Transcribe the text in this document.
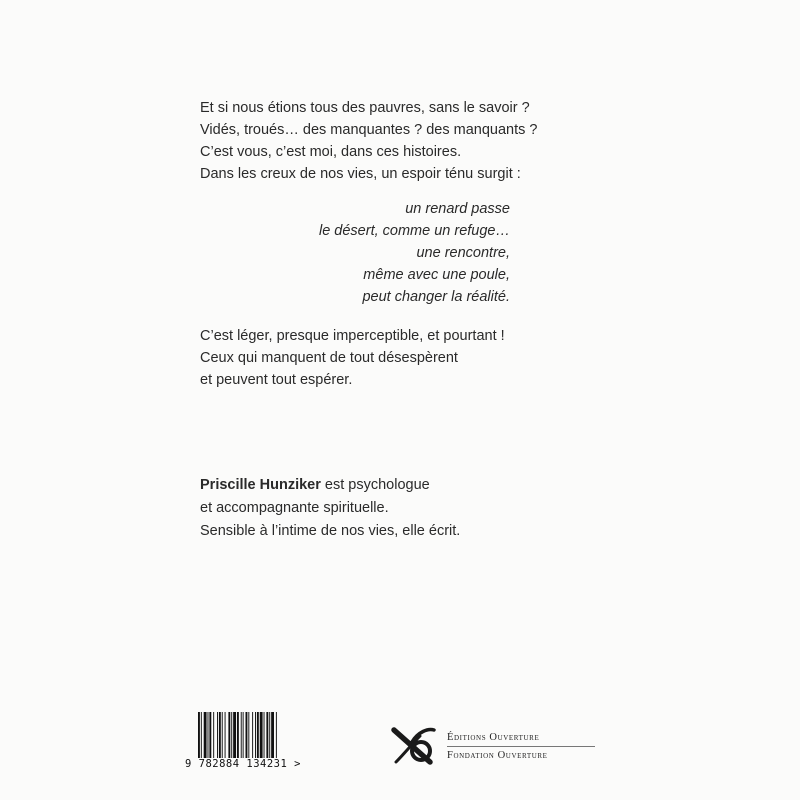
Et si nous étions tous des pauvres, sans le savoir ?
Vidés, troués… des manquantes ? des manquants ?
C’est vous, c’est moi, dans ces histoires.
Dans les creux de nos vies, un espoir ténu surgit :
un renard passe
le désert, comme un refuge…
une rencontre,
même avec une poule,
peut changer la réalité.
C’est léger, presque imperceptible, et pourtant !
Ceux qui manquent de tout désespèrent
et peuvent tout espérer.
Priscille Hunziker est psychologue
et accompagnante spirituelle.
Sensible à l’intime de nos vies, elle écrit.
9 782884 134231 >
Éditions Ouverture
Fondation Ouverture
